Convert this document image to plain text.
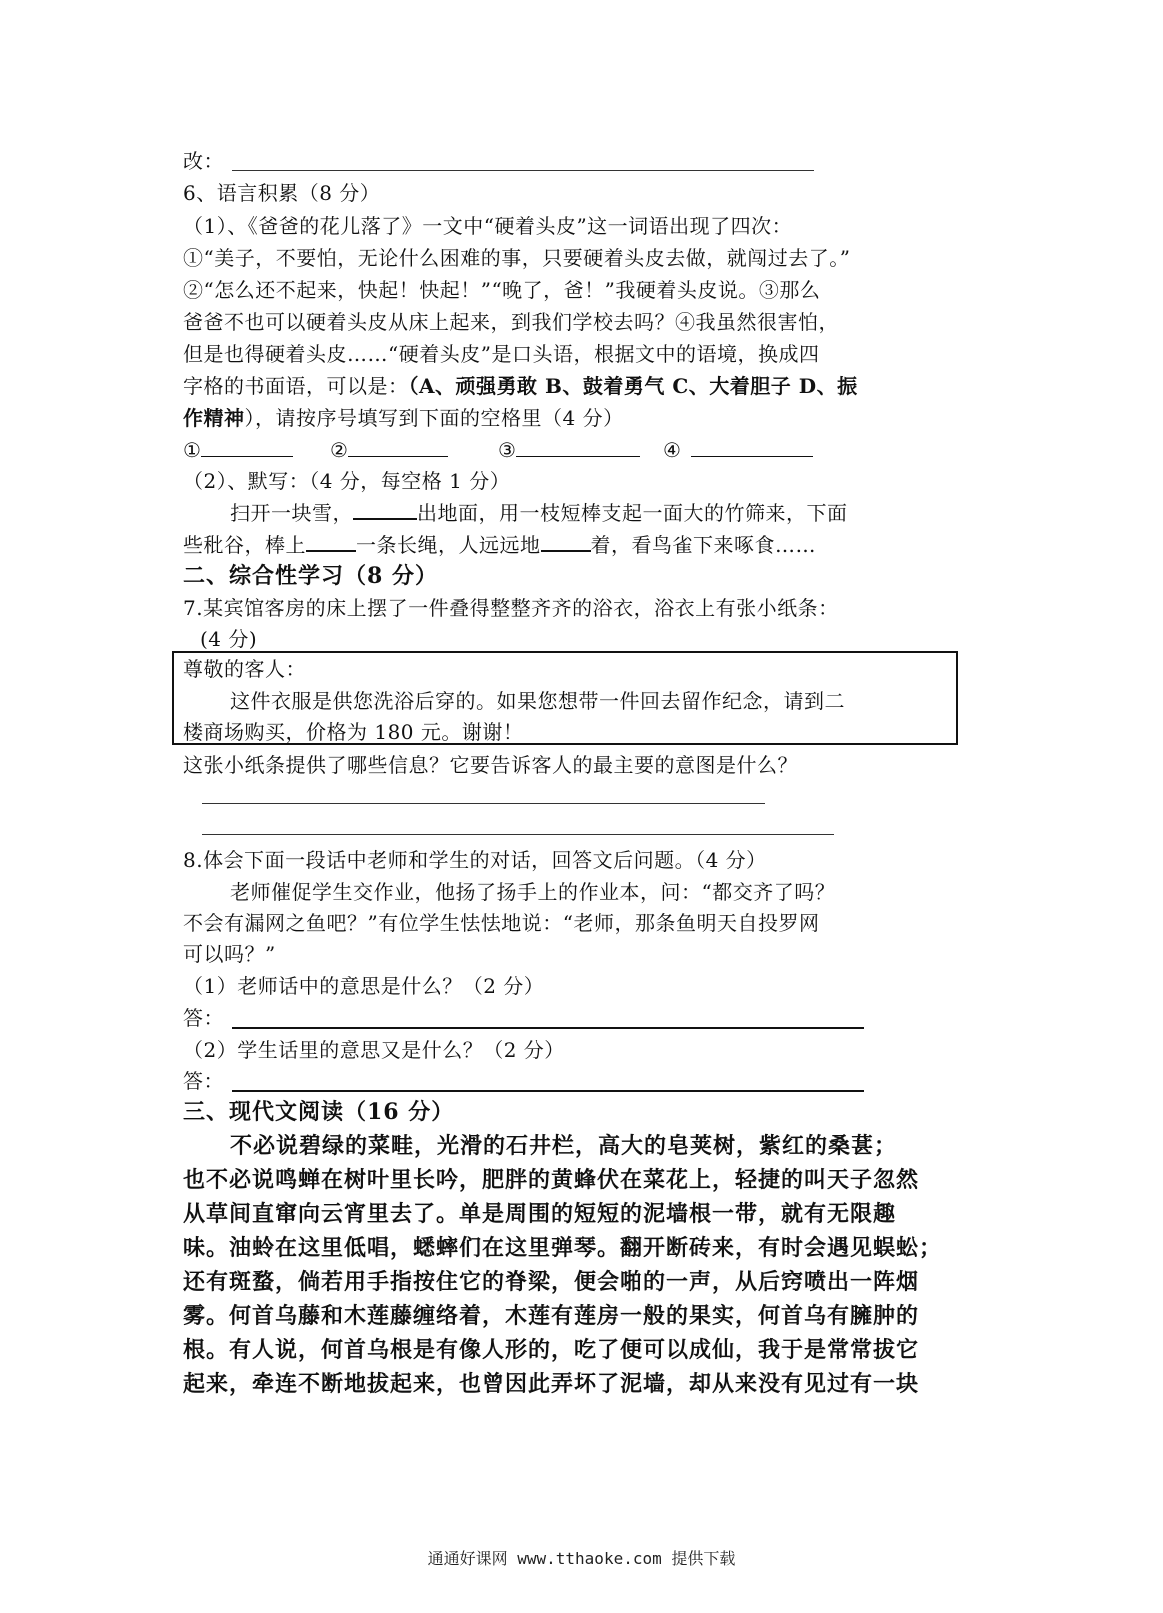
改：
6、语言积累（8 分）
（1）、《爸爸的花儿落了》一文中“硬着头皮”这一词语出现了四次：
①“美子，不要怕，无论什么困难的事，只要硬着头皮去做，就闯过去了。”
②“怎么还不起来，快起！快起！”“晚了，爸！”我硬着头皮说。③那么
爸爸不也可以硬着头皮从床上起来，到我们学校去吗？④我虽然很害怕，
但是也得硬着头皮……“硬着头皮”是口头语，根据文中的语境，换成四
字格的书面语，可以是：（A、顽强勇敢 B、鼓着勇气 C、大着胆子 D、振
作精神），请按序号填写到下面的空格里（4 分）
①	②	③	④
（2）、默写：（4 分，每空格 1 分）
扫开一块雪，	出地面，用一枝短棒支起一面大的竹筛来，下面
些秕谷，棒上	一条长绳，人远远地	着，看鸟雀下来啄食……
二、综合性学习（8 分）
7.某宾馆客房的床上摆了一件叠得整整齐齐的浴衣，浴衣上有张小纸条：
(4 分)
尊敬的客人：
这件衣服是供您洗浴后穿的。如果您想带一件回去留作纪念，请到二
楼商场购买，价格为 180 元。谢谢！
这张小纸条提供了哪些信息？它要告诉客人的最主要的意图是什么？
8.体会下面一段话中老师和学生的对话，回答文后问题。（4 分）
老师催促学生交作业，他扬了扬手上的作业本，问：“都交齐了吗？
不会有漏网之鱼吧？”有位学生怯怯地说：“老师，那条鱼明天自投罗网
可以吗？”
（1）老师话中的意思是什么？（2 分）
答：
（2）学生话里的意思又是什么？（2 分）
答：
三、现代文阅读（16 分）
不必说碧绿的菜畦，光滑的石井栏，高大的皂荚树，紫红的桑葚；
也不必说鸣蝉在树叶里长吟，肥胖的黄蜂伏在菜花上，轻捷的叫天子忽然
从草间直窜向云宵里去了。单是周围的短短的泥墙根一带，就有无限趣
味。油蛉在这里低唱，蟋蟀们在这里弹琴。翻开断砖来，有时会遇见蜈蚣；
还有斑蝥，倘若用手指按住它的脊梁，便会啪的一声，从后窍喷出一阵烟
雾。何首乌藤和木莲藤缠络着，木莲有莲房一般的果实，何首乌有臃肿的
根。有人说，何首乌根是有像人形的，吃了便可以成仙，我于是常常拔它
起来，牵连不断地拔起来，也曾因此弄坏了泥墙，却从来没有见过有一块
通通好课网 www.tthaoke.com 提供下载
